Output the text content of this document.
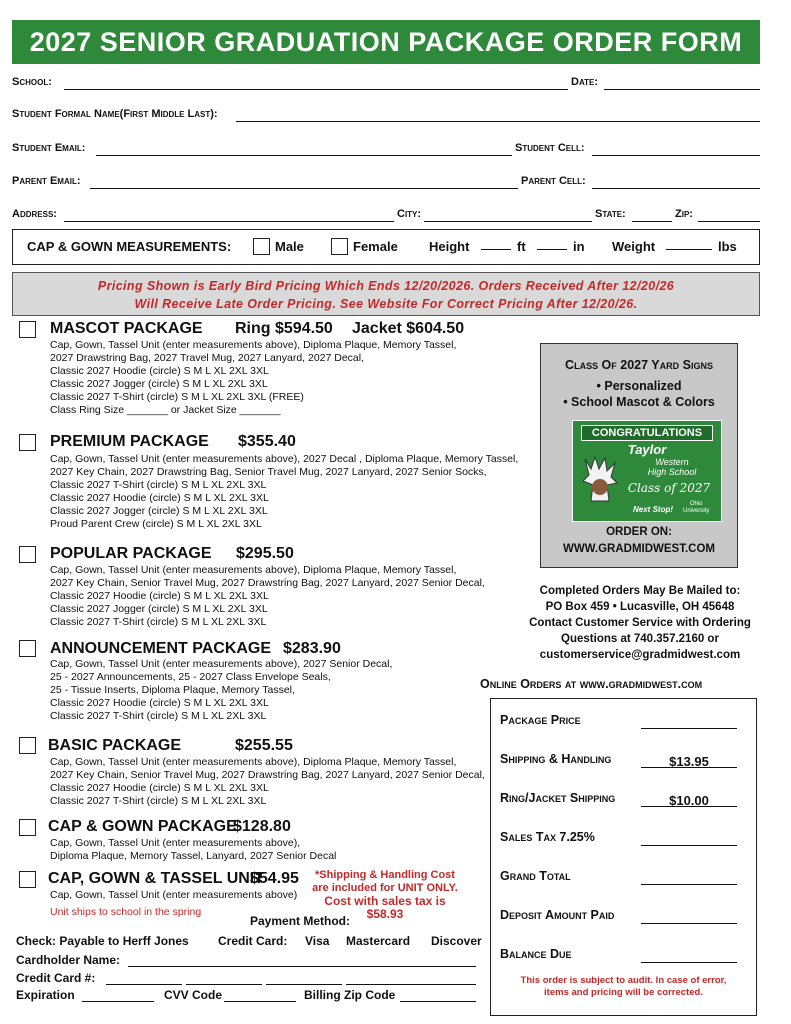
2027 SENIOR GRADUATION PACKAGE ORDER FORM
School:	Date:
Student Formal Name(First Middle Last):
Student Email:	Student Cell:
Parent Email:	Parent Cell:
Address:	City:	State:	Zip:
CAP & GOWN MEASUREMENTS:	Male	Female Height	ft	in Weight	lbs
Pricing Shown is Early Bird Pricing Which Ends 12/20/2026. Orders Received After 12/20/26
Will Receive Late Order Pricing. See Website For Correct Pricing After 12/20/26.
MASCOT PACKAGE Ring $594.50 Jacket $604.50
Cap, Gown, Tassel Unit (enter measurements above), Diploma Plaque, Memory Tassel,
2027 Drawstring Bag, 2027 Travel Mug, 2027 Lanyard, 2027 Decal,
Classic 2027 Hoodie (circle) S M L XL 2XL 3XL
Classic 2027 Jogger (circle) S M L XL 2XL 3XL
Classic 2027 T-Shirt (circle) S M L XL 2XL 3XL (FREE)
Class Ring Size _______ or Jacket Size _______
PREMIUM PACKAGE $355.40
Cap, Gown, Tassel Unit (enter measurements above), 2027 Decal , Diploma Plaque, Memory Tassel,
2027 Key Chain, 2027 Drawstring Bag, Senior Travel Mug, 2027 Lanyard, 2027 Senior Socks,
Classic 2027 T-Shirt (circle) S M L XL 2XL 3XL
Classic 2027 Hoodie (circle) S M L XL 2XL 3XL
Classic 2027 Jogger (circle) S M L XL 2XL 3XL
Proud Parent Crew (circle) S M L XL 2XL 3XL
POPULAR PACKAGE $295.50
Cap, Gown, Tassel Unit (enter measurements above), Diploma Plaque, Memory Tassel,
2027 Key Chain, Senior Travel Mug, 2027 Drawstring Bag, 2027 Lanyard, 2027 Senior Decal,
Classic 2027 Hoodie (circle) S M L XL 2XL 3XL
Classic 2027 Jogger (circle) S M L XL 2XL 3XL
Classic 2027 T-Shirt (circle) S M L XL 2XL 3XL
ANNOUNCEMENT PACKAGE $283.90
Cap, Gown, Tassel Unit (enter measurements above), 2027 Senior Decal,
25 - 2027 Announcements, 25 - 2027 Class Envelope Seals,
25 - Tissue Inserts, Diploma Plaque, Memory Tassel,
Classic 2027 Hoodie (circle) S M L XL 2XL 3XL
Classic 2027 T-Shirt (circle) S M L XL 2XL 3XL
BASIC PACKAGE	$255.55
Cap, Gown, Tassel Unit (enter measurements above), Diploma Plaque, Memory Tassel,
2027 Key Chain, Senior Travel Mug, 2027 Drawstring Bag, 2027 Lanyard, 2027 Senior Decal,
Classic 2027 Hoodie (circle) S M L XL 2XL 3XL
Classic 2027 T-Shirt (circle) S M L XL 2XL 3XL
CAP & GOWN PACKAGE
$128.80
Cap, Gown, Tassel Unit (enter measurements above),
Diploma Plaque, Memory Tassel, Lanyard, 2027 Senior Decal
CAP, GOWN & TASSEL UNIT
$54.95
Cap, Gown, Tassel Unit (enter measurements above)
Unit ships to school in the spring
*Shipping & Handling Cost
are included for UNIT ONLY.
Cost with sales tax is $58.93
Class Of 2027 Yard Signs
• Personalized
• School Mascot & Colors
ORDER ON:
WWW.GRADMIDWEST.COM
CONGRATULATIONS
Taylor
Western
High School
Class of 2027
Next Stop!
Ohio
University
Completed Orders May Be Mailed to:
PO Box 459 • Lucasville, OH 45648
Contact Customer Service with Ordering
Questions at 740.357.2160 or
customerservice@gradmidwest.com
Online Orders at www.gradmidwest.com
Package Price
Shipping & Handling	$13.95
Ring/Jacket Shipping	$10.00
Sales Tax 7.25%
Grand Total
Deposit Amount Paid
Balance Due
This order is subject to audit. In case of error,
items and pricing will be corrected.
Payment Method:
Check: Payable to Herff Jones Credit Card: Visa Mastercard Discover
Cardholder Name:
Credit Card #:
Expiration	CVV Code	Billing Zip Code
